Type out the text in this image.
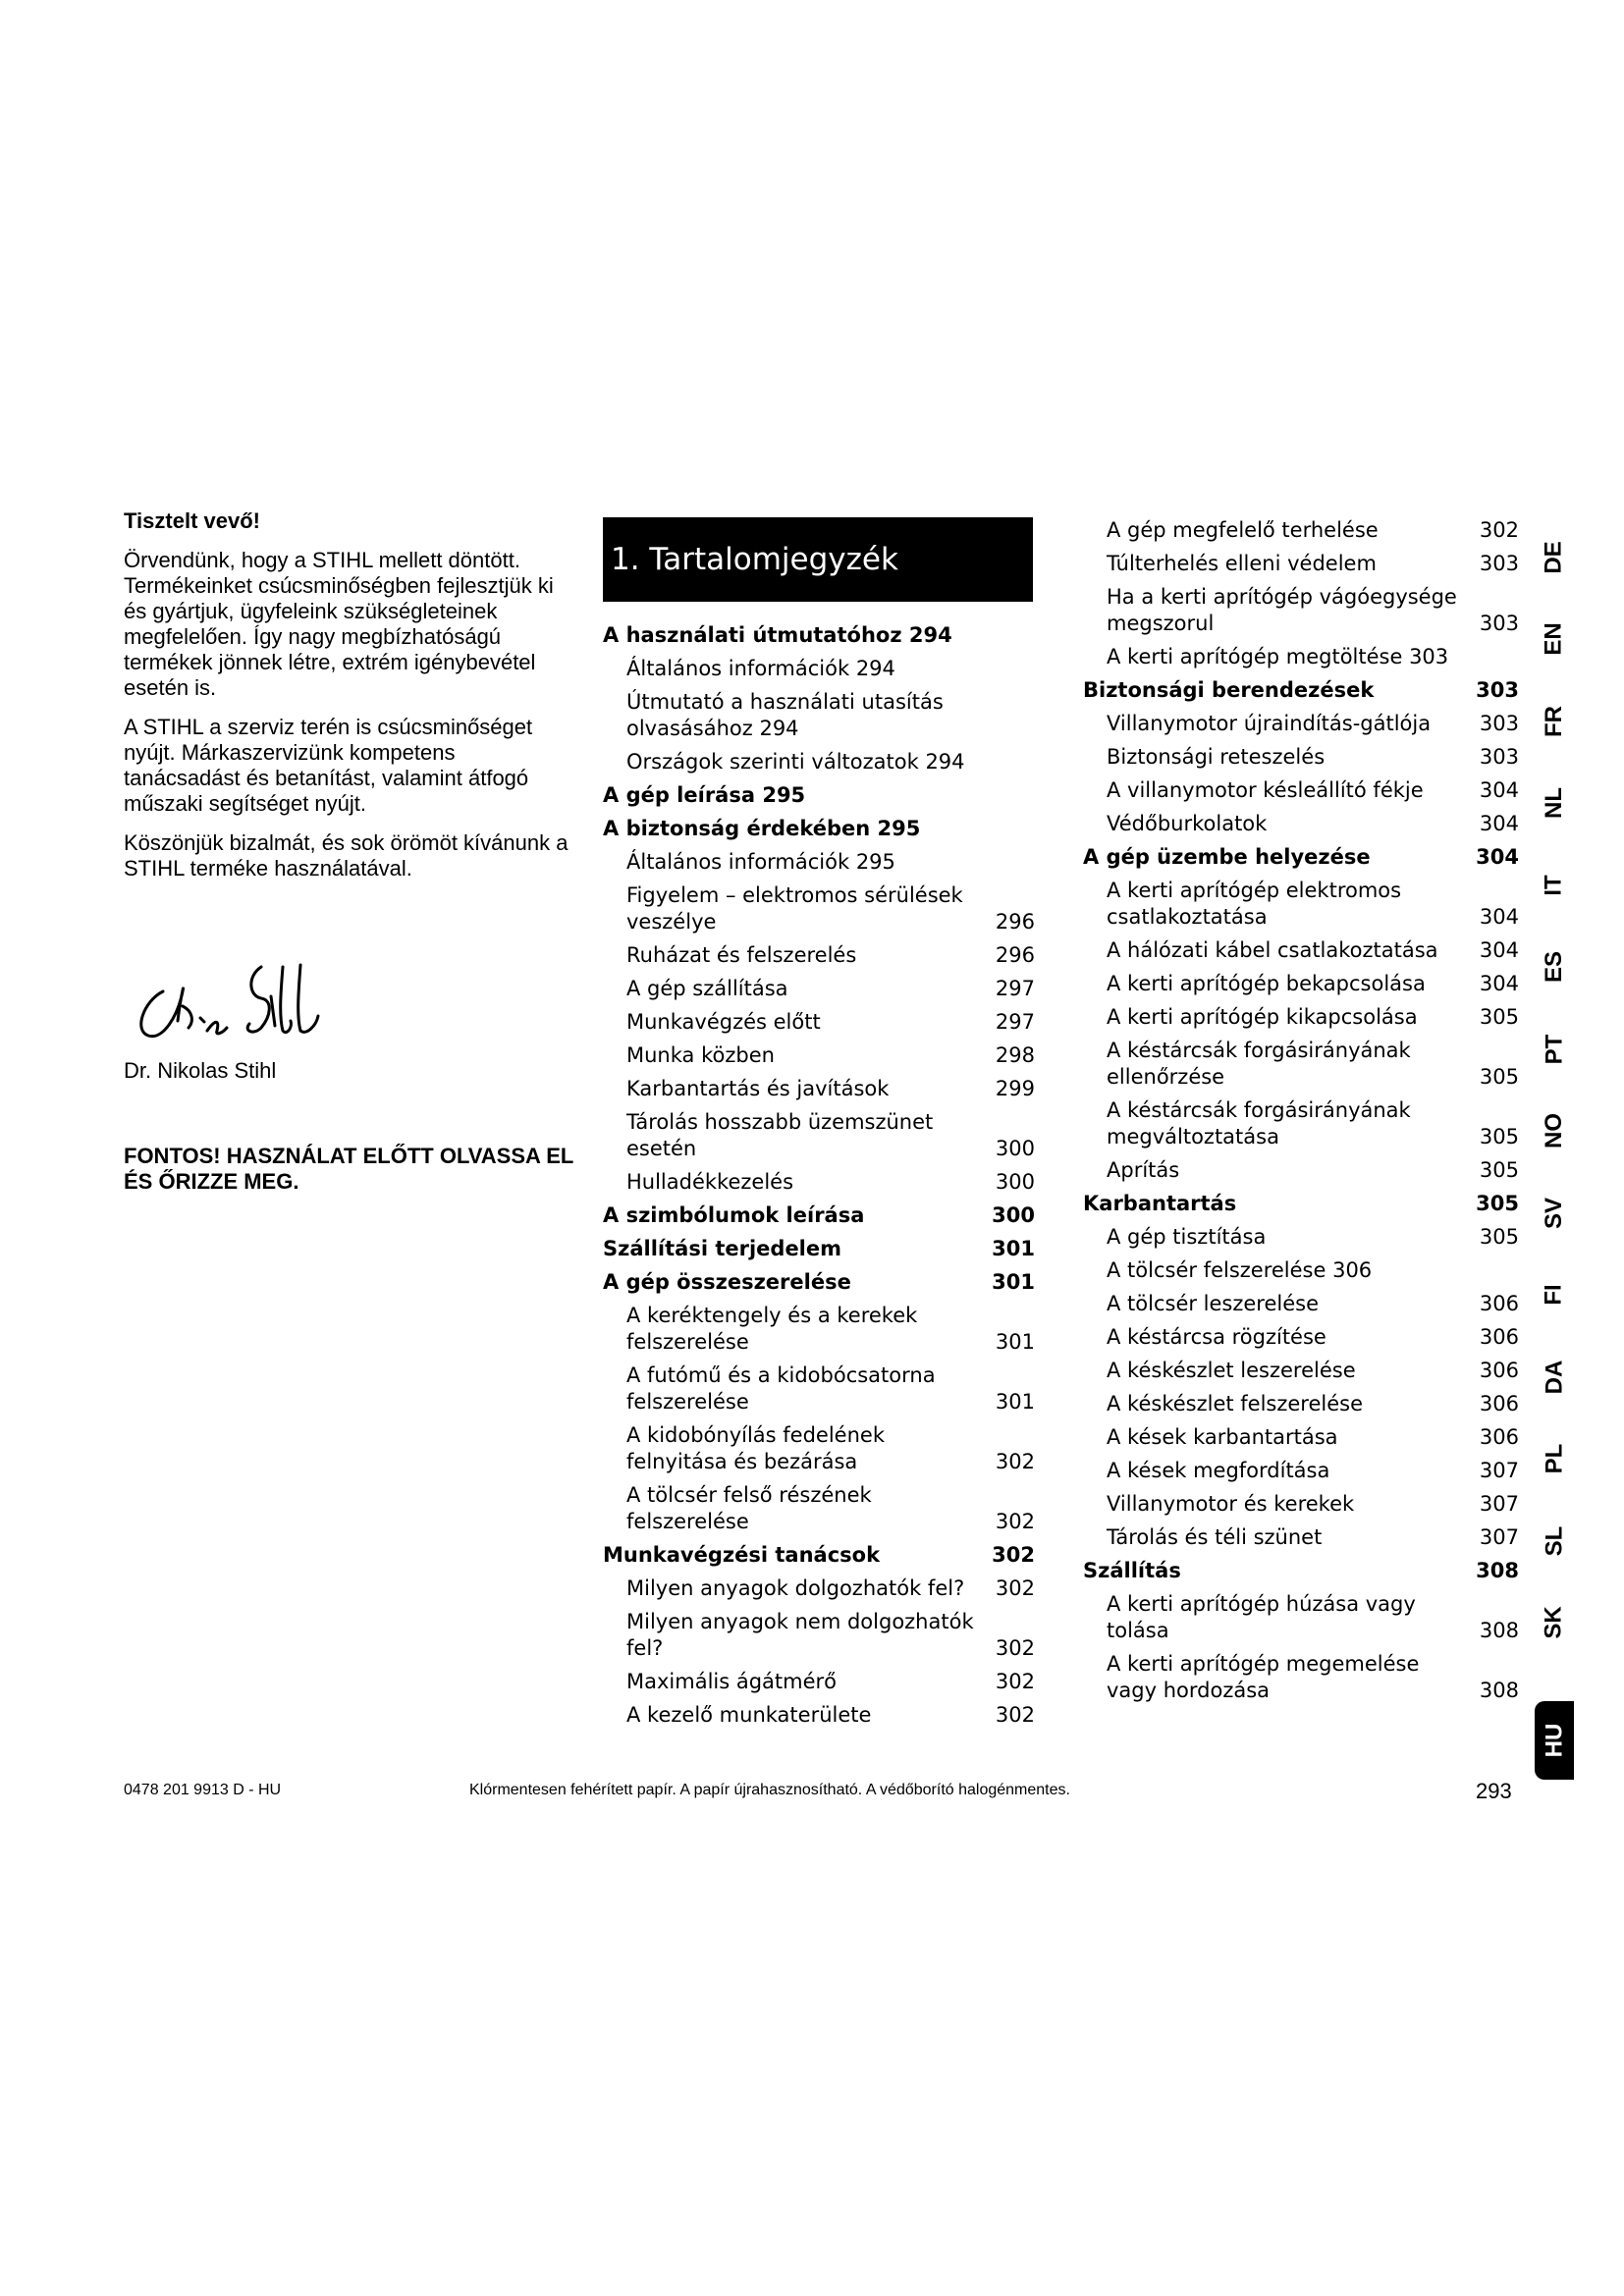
Tisztelt vevő!

Örvendünk, hogy a STIHL mellett döntött. Termékeinket csúcsminőségben fejlesztjük ki és gyártjuk, ügyfeleink szükségleteinek megfelelően. Így nagy megbízhatóságú termékek jönnek létre, extrém igénybevétel esetén is.

A STIHL a szerviz terén is csúcsminőséget nyújt. Márkaszervizünk kompetens tanácsadást és betanítást, valamint átfogó műszaki segítséget nyújt.

Köszönjük bizalmát, és sok örömöt kívánunk a STIHL terméke használatával.

Dr. Nikolas Stihl
FONTOS! HASZNÁLAT ELŐTT OLVASSA EL ÉS ŐRIZZE MEG.
1. Tartalomjegyzék
A használati útmutatóhoz 294
Általános információk 294
Útmutató a használati utasítás olvasásához 294
Országok szerinti változatok 294
A gép leírása 295
A biztonság érdekében 295
Általános információk 295
Figyelem – elektromos sérülések veszélye	296
Ruházat és felszerelés	296
A gép szállítása	297
Munkavégzés előtt	297
Munka közben	298
Karbantartás és javítások	299
Tárolás hosszabb üzemszünet esetén	300
Hulladékkezelés	300
A szimbólumok leírása	300
Szállítási terjedelem	301
A gép összeszerelése	301
A keréktengely és a kerekek felszerelése	301
A futómű és a kidobócsatorna felszerelése	301
A kidobónyílás fedelének felnyitása és bezárása	302
A tölcsér felső részének felszerelése	302
Munkavégzési tanácsok	302
Milyen anyagok dolgozhatók fel?	302
Milyen anyagok nem dolgozhatók fel?	302
Maximális ágátmérő	302
A kezelő munkaterülete	302
A gép megfelelő terhelése	302
Túlterhelés elleni védelem	303
Ha a kerti aprítógép vágóegysége megszorul	303
A kerti aprítógép megtöltése 303
Biztonsági berendezések	303
Villanymotor újraindítás-gátlója	303
Biztonsági reteszelés	303
A villanymotor késleállító fékje	304
Védőburkolatok	304
A gép üzembe helyezése	304
A kerti aprítógép elektromos csatlakoztatása	304
A hálózati kábel csatlakoztatása	304
A kerti aprítógép bekapcsolása	304
A kerti aprítógép kikapcsolása	305
A késtárcsák forgásirányának ellenőrzése	305
A késtárcsák forgásirányának megváltoztatása	305
Aprítás	305
Karbantartás	305
A gép tisztítása	305
A tölcsér felszerelése 306
A tölcsér leszerelése	306
A késtárcsa rögzítése	306
A késkészlet leszerelése	306
A késkészlet felszerelése	306
A kések karbantartása	306
A kések megfordítása	307
Villanymotor és kerekek	307
Tárolás és téli szünet	307
Szállítás	308
A kerti aprítógép húzása vagy tolása	308
A kerti aprítógép megemelése vagy hordozása	308
DE
EN
FR
NL
IT
ES
PT
NO
SV
FI
DA
PL
SL
SK
HU
0478 201 9913 D - HU	Klórmentesen fehérített papír. A papír újrahasznosítható. A védőborító halogénmentes.	293
